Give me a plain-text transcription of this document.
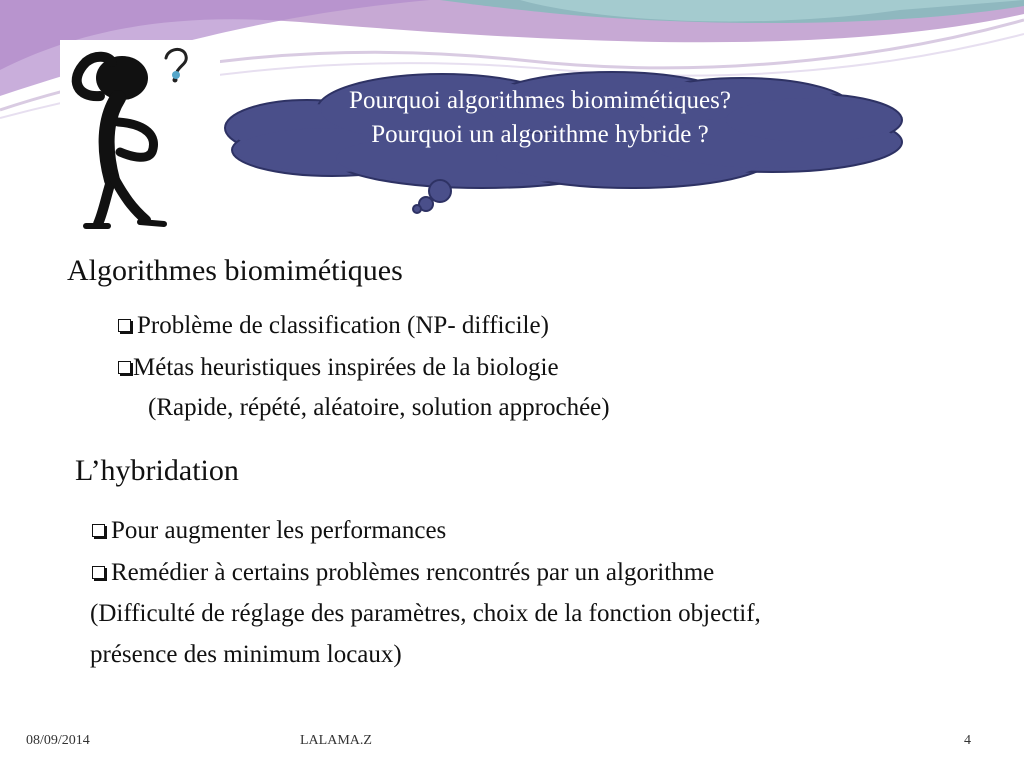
Pourquoi algorithmes biomimétiques?
Pourquoi un algorithme hybride ?
Algorithmes biomimétiques
Problème de classification (NP- difficile)
Métas heuristiques inspirées de la biologie
(Rapide, répété, aléatoire, solution approchée)
L’hybridation
Pour augmenter les performances
Remédier à certains problèmes rencontrés par un algorithme
(Difficulté de réglage des paramètres, choix de la fonction objectif,
présence des minimum locaux)
08/09/2014	LALAMA.Z	4
